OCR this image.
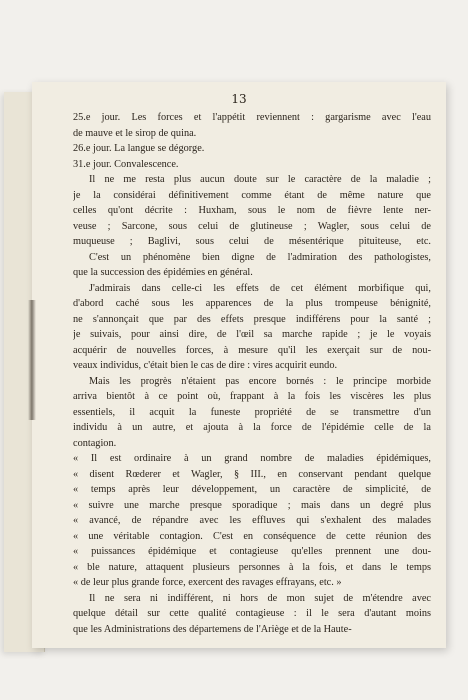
13
25.e jour. Les forces et l'appétit reviennent : gargarisme avec l'eau
de mauve et le sirop de quina.
26.e jour. La langue se dégorge.
31.e jour. Convalescence.
Il ne me resta plus aucun doute sur le caractère de la maladie ;
je la considérai définitivement comme étant de même nature que
celles qu'ont décrite : Huxham, sous le nom de fièvre lente ner-
veuse ; Sarcone, sous celui de glutineuse ; Wagler, sous celui de
muqueuse ; Baglivi, sous celui de mésentérique pituiteuse, etc.
C'est un phénomène bien digne de l'admiration des pathologistes,
que la succession des épidémies en général.
J'admirais dans celle-ci les effets de cet élément morbifique qui,
d'abord caché sous les apparences de la plus trompeuse bénignité,
ne s'annonçait que par des effets presque indifférens pour la santé ;
je suivais, pour ainsi dire, de l'œil sa marche rapide ; je le voyais
acquérir de nouvelles forces, à mesure qu'il les exerçait sur de nou-
veaux individus, c'était bien le cas de dire : vires acquirit eundo.
Mais les progrès n'étaient pas encore bornés : le principe morbide
arriva bientôt à ce point où, frappant à la fois les viscères les plus
essentiels, il acquit la funeste propriété de se transmettre d'un
individu à un autre, et ajouta à la force de l'épidémie celle de la
contagion.
« Il est ordinaire à un grand nombre de maladies épidémiques,
« disent Rœderer et Wagler, § III., en conservant pendant quelque
« temps après leur développement, un caractère de simplicité, de
« suivre une marche presque sporadique ; mais dans un degré plus
« avancé, de répandre avec les effluves qui s'exhalent des malades
« une véritable contagion. C'est en conséquence de cette réunion des
« puissances épidémique et contagieuse qu'elles prennent une dou-
« ble nature, attaquent plusieurs personnes à la fois, et dans le temps
« de leur plus grande force, exercent des ravages effrayans, etc. »
Il ne sera ni indifférent, ni hors de mon sujet de m'étendre avec
quelque détail sur cette qualité contagieuse : il le sera d'autant moins
que les Administrations des départemens de l'Ariège et de la Haute-
